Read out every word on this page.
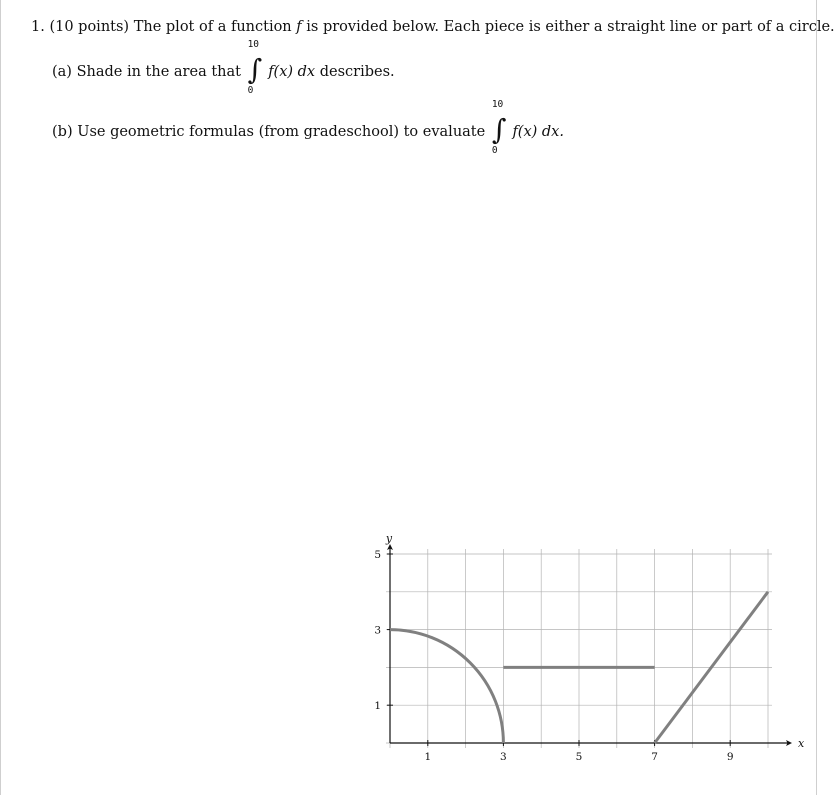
1. (10 points) The plot of a function f is provided below. Each piece is either a straight line or part of a circle.
(a) Shade in the area that
10
∫
0
f(x) dx describes.
(b) Use geometric formulas (from gradeschool) to evaluate
10
∫
0
f(x) dx.
1	3	5	7	9
1
3
5
x
y
